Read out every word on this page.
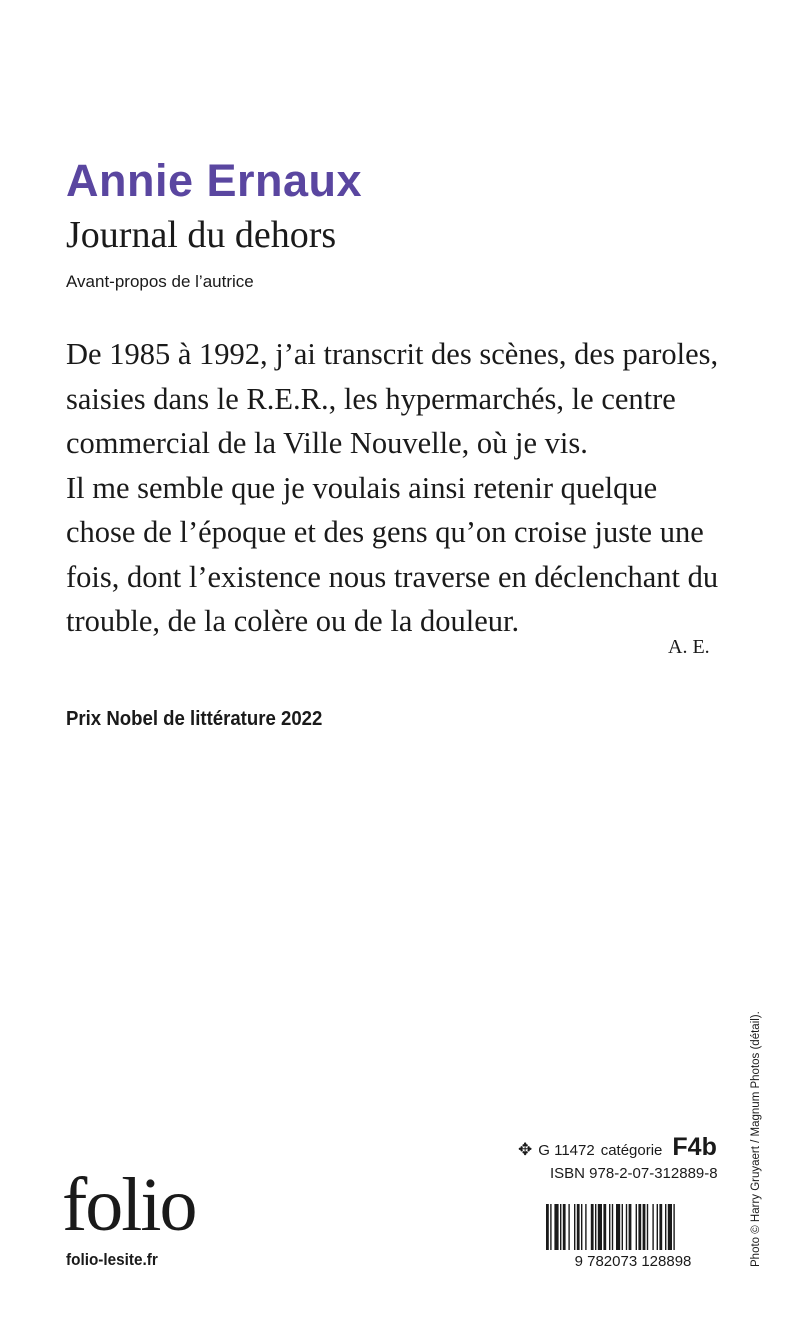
Annie Ernaux
Journal du dehors
Avant-propos de l’autrice

De 1985 à 1992, j’ai transcrit des scènes, des paroles, saisies dans le R.E.R., les hypermarchés, le centre commercial de la Ville Nouvelle, où je vis.

Il me semble que je voulais ainsi retenir quelque chose de l’époque et des gens qu’on croise juste une fois, dont l’existence nous traverse en déclenchant du trouble, de la colère ou de la douleur.

A. E.
Prix Nobel de littérature 2022
✥ G 11472 catégorie F4b
ISBN 978-2-07-312889-8
9 782073 128898
folio
folio-lesite.fr	Photo © Harry Gruyaert / Magnum Photos (détail).
